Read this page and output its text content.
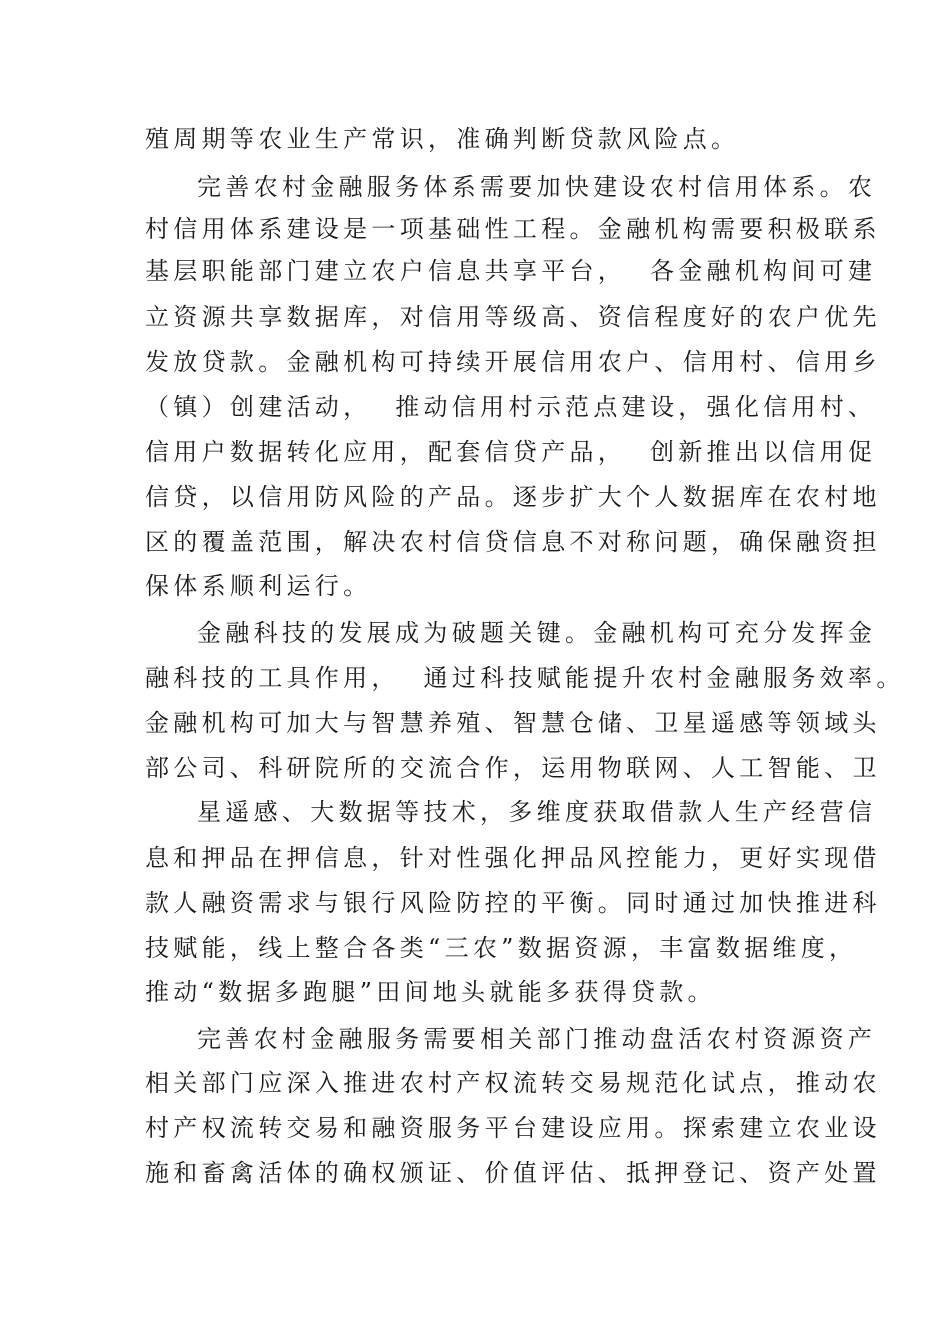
殖周期等农业生产常识，准确判断贷款风险点。
完善农村金融服务体系需要加快建设农村信用体系。农
村信用体系建设是一项基础性工程。金融机构需要积极联系
基层职能部门建立农户信息共享平台，  各金融机构间可建
立资源共享数据库，对信用等级高、资信程度好的农户优先
发放贷款。金融机构可持续开展信用农户、信用村、信用乡
（镇）创建活动，  推动信用村示范点建设，强化信用村、
信用户数据转化应用，配套信贷产品，  创新推出以信用促
信贷，以信用防风险的产品。逐步扩大个人数据库在农村地
区的覆盖范围，解决农村信贷信息不对称问题，确保融资担
保体系顺利运行。
金融科技的发展成为破题关键。金融机构可充分发挥金
融科技的工具作用，  通过科技赋能提升农村金融服务效率。
金融机构可加大与智慧养殖、智慧仓储、卫星遥感等领域头
部公司、科研院所的交流合作，运用物联网、人工智能、卫
星遥感、大数据等技术，多维度获取借款人生产经营信
息和押品在押信息，针对性强化押品风控能力，更好实现借
款人融资需求与银行风险防控的平衡。同时通过加快推进科
技赋能，线上整合各类“三农”数据资源，丰富数据维度，
推动“数据多跑腿”田间地头就能多获得贷款。
完善农村金融服务需要相关部门推动盘活农村资源资产
相关部门应深入推进农村产权流转交易规范化试点，推动农
村产权流转交易和融资服务平台建设应用。探索建立农业设
施和畜禽活体的确权颁证、价值评估、抵押登记、资产处置
